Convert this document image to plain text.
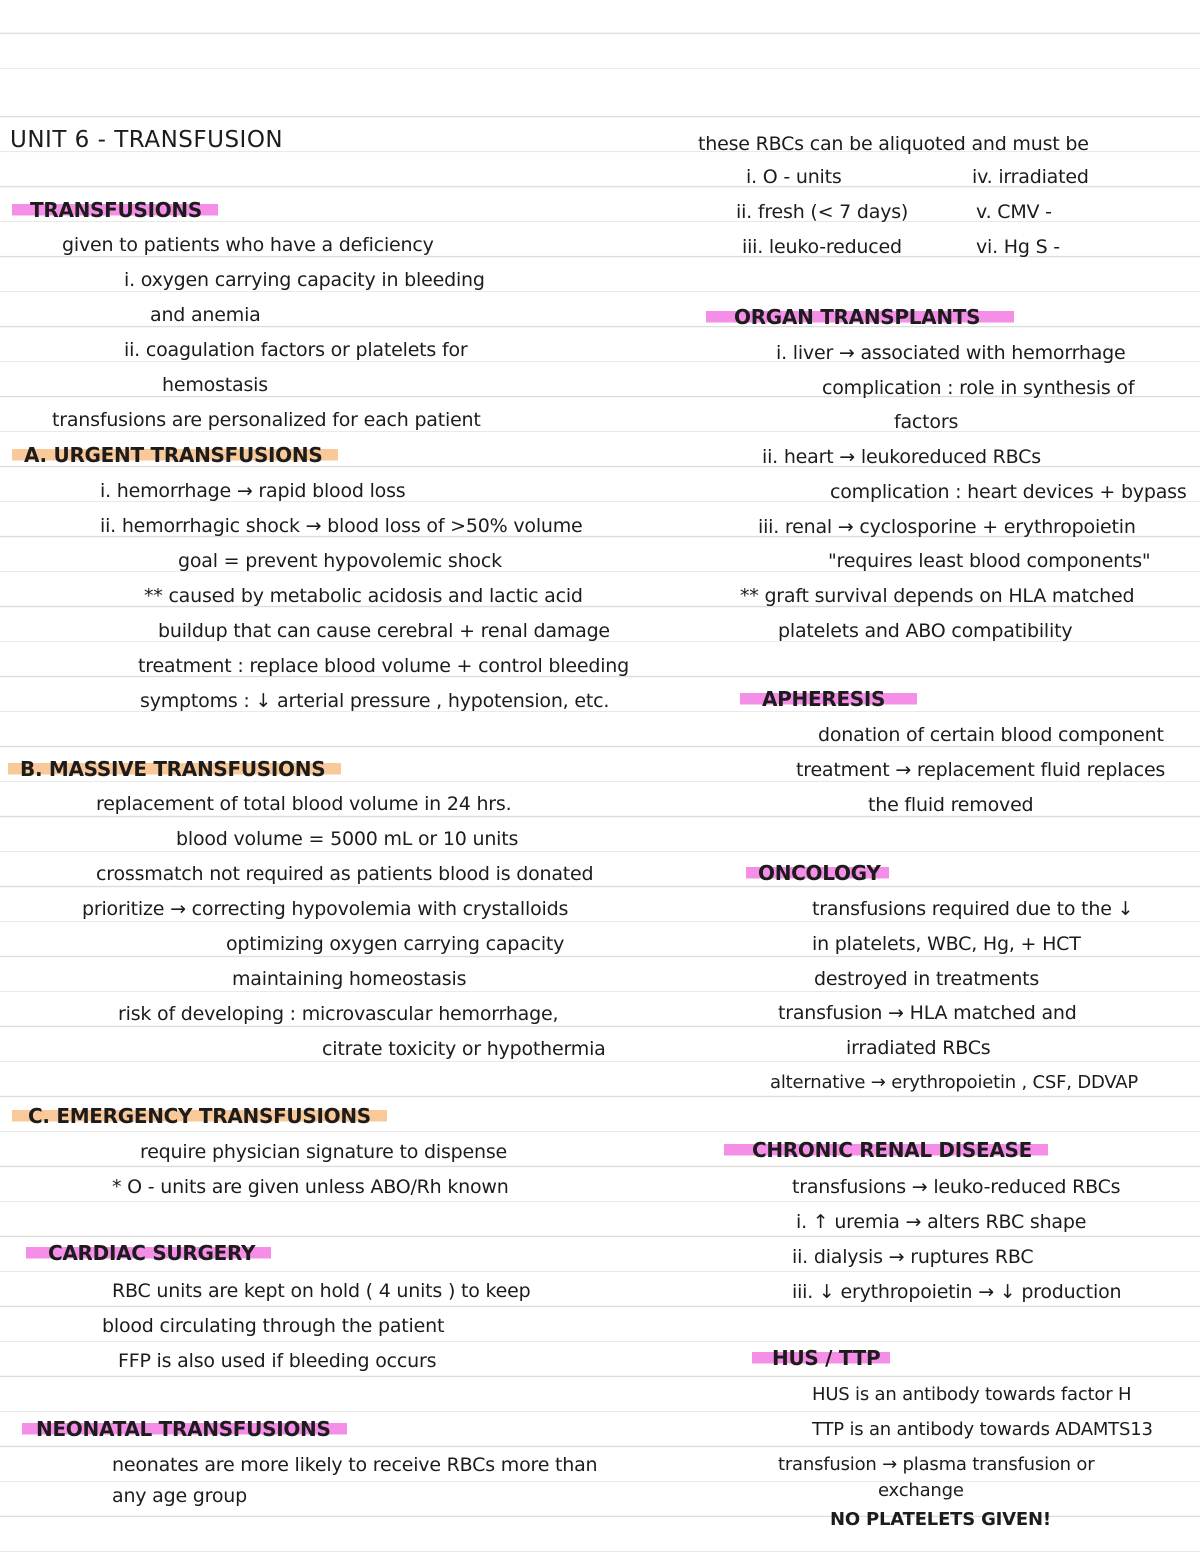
UNIT 6 - TRANSFUSION
TRANSFUSIONS
given to patients who have a deficiency
i. oxygen carrying capacity in bleeding
and anemia
ii. coagulation factors or platelets for
hemostasis
transfusions are personalized for each patient
A. URGENT TRANSFUSIONS
i. hemorrhage → rapid blood loss
ii. hemorrhagic shock → blood loss of >50% volume
goal = prevent hypovolemic shock
** caused by metabolic acidosis and lactic acid
buildup that can cause cerebral + renal damage
treatment : replace blood volume + control bleeding
symptoms : ↓ arterial pressure , hypotension, etc.
B. MASSIVE TRANSFUSIONS
replacement of total blood volume in 24 hrs.
blood volume = 5000 mL or 10 units
crossmatch not required as patients blood is donated
prioritize → correcting hypovolemia with crystalloids
optimizing oxygen carrying capacity
maintaining homeostasis
risk of developing : microvascular hemorrhage,
citrate toxicity or hypothermia
C. EMERGENCY TRANSFUSIONS
require physician signature to dispense
* O - units are given unless ABO/Rh known
CARDIAC SURGERY
RBC units are kept on hold ( 4 units ) to keep
blood circulating through the patient
FFP is also used if bleeding occurs
NEONATAL TRANSFUSIONS
neonates are more likely to receive RBCs more than
any age group
these RBCs can be aliquoted and must be
i. O - units	iv. irradiated
ii. fresh (< 7 days)	v. CMV -
iii. leuko-reduced	vi. Hg S -
ORGAN TRANSPLANTS
i. liver → associated with hemorrhage
complication : role in synthesis of
factors
ii. heart → leukoreduced RBCs
complication : heart devices + bypass
iii. renal → cyclosporine + erythropoietin
"requires least blood components"
** graft survival depends on HLA matched
platelets and ABO compatibility
APHERESIS
donation of certain blood component
treatment → replacement fluid replaces
the fluid removed
ONCOLOGY
transfusions required due to the ↓
in platelets, WBC, Hg, + HCT
destroyed in treatments
transfusion → HLA matched and
irradiated RBCs
alternative → erythropoietin , CSF, DDVAP
CHRONIC RENAL DISEASE
transfusions → leuko-reduced RBCs
i. ↑ uremia → alters RBC shape
ii. dialysis → ruptures RBC
iii. ↓ erythropoietin → ↓ production
HUS / TTP
HUS is an antibody towards factor H
TTP is an antibody towards ADAMTS13
transfusion → plasma transfusion or
exchange
NO PLATELETS GIVEN!
